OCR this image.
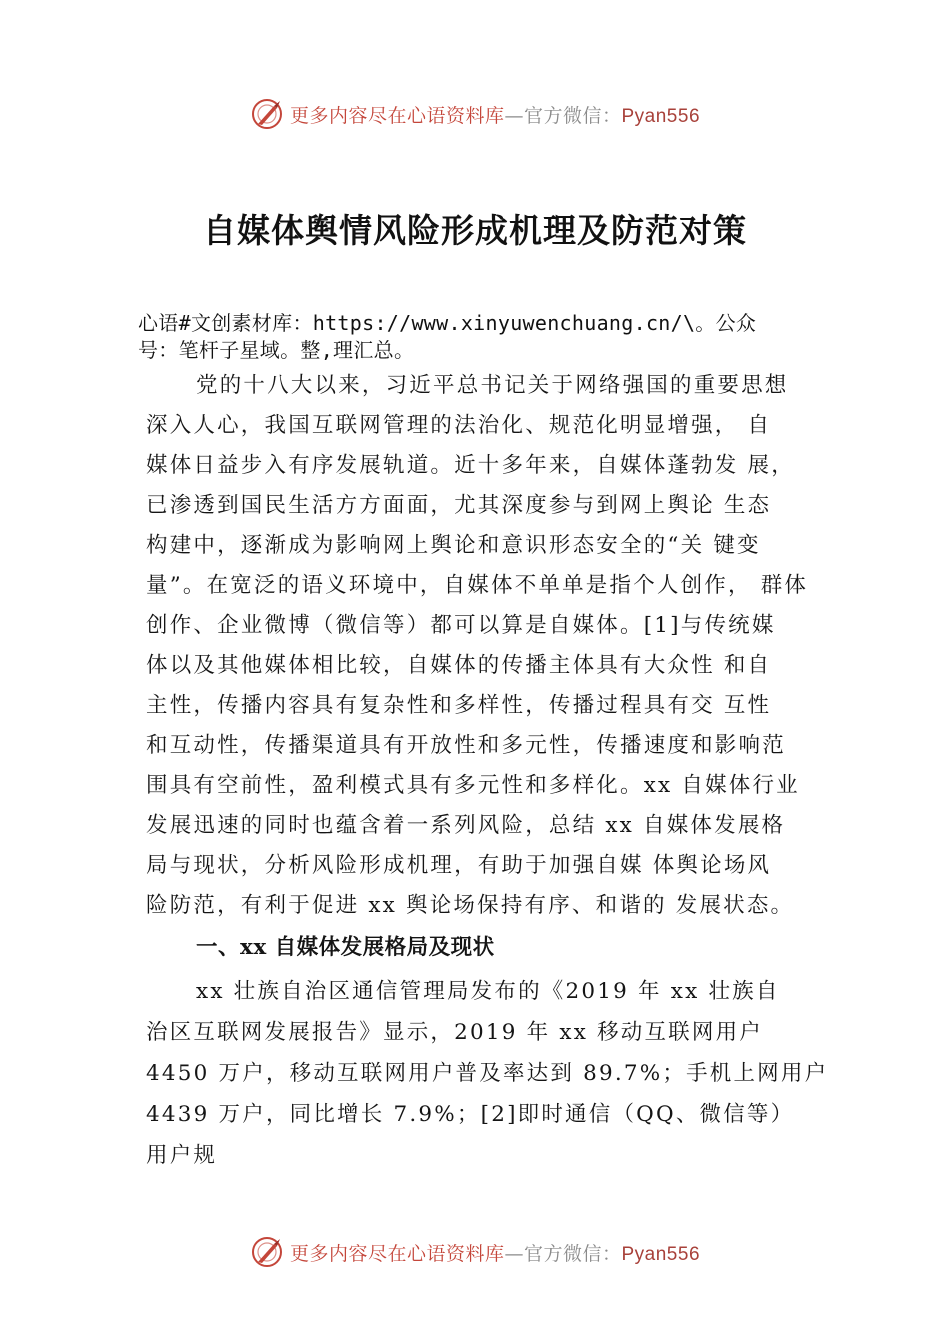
更多内容尽在心语资料库—官方微信：Pyan556
自媒体舆情风险形成机理及防范对策
心语#文创素材库：https://www.xinyuwenchuang.cn/\。公众
号：笔杆子星域。整,理汇总。
党的十八大以来，习近平总书记关于网络强国的重要思想
深入人心，我国互联网管理的法治化、规范化明显增强， 自
媒体日益步入有序发展轨道。近十多年来，自媒体蓬勃发 展，
已渗透到国民生活方方面面，尤其深度参与到网上舆论 生态
构建中，逐渐成为影响网上舆论和意识形态安全的“关 键变
量”。在宽泛的语义环境中，自媒体不单单是指个人创作， 群体
创作、企业微博（微信等）都可以算是自媒体。[1]与传统媒
体以及其他媒体相比较，自媒体的传播主体具有大众性 和自
主性，传播内容具有复杂性和多样性，传播过程具有交 互性
和互动性，传播渠道具有开放性和多元性，传播速度和影响范
围具有空前性，盈利模式具有多元性和多样化。xx 自媒体行业
发展迅速的同时也蕴含着一系列风险，总结 xx 自媒体发展格
局与现状，分析风险形成机理，有助于加强自媒 体舆论场风
险防范，有利于促进 xx 舆论场保持有序、和谐的 发展状态。
一、xx 自媒体发展格局及现状
xx 壮族自治区通信管理局发布的《2019 年 xx 壮族自
治区互联网发展报告》显示，2019 年 xx 移动互联网用户
4450 万户，移动互联网用户普及率达到 89.7%；手机上网用户
4439 万户，同比增长 7.9%；[2]即时通信（QQ、微信等）
用户规
更多内容尽在心语资料库—官方微信：Pyan556
